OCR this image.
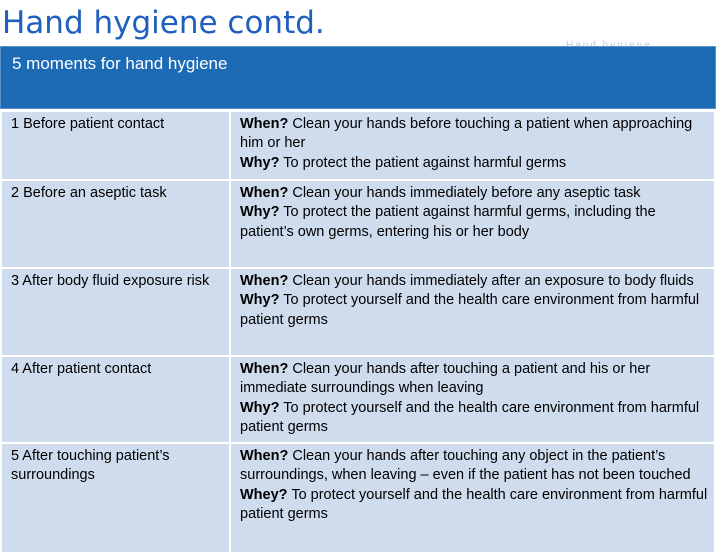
Hand hygiene contd.
5 moments for hand hygiene
1 Before patient contact	When? Clean your hands before touching a patient when approaching him or her
Why? To protect the patient against harmful germs

2 Before an aseptic task	When? Clean your hands immediately before any aseptic task
Why? To protect the patient against harmful germs, including the patient’s own germs, entering his or her body

3 After body fluid exposure risk	When? Clean your hands immediately after an exposure to body fluids
Why? To protect yourself and the health care environment from harmful patient germs

4 After patient contact	When? Clean your hands after touching a patient and his or her immediate surroundings when leaving
Why? To protect yourself and the health care environment from harmful patient germs

5 After touching patient’s surroundings	When? Clean your hands after touching any object in the patient’s surroundings, when leaving – even if the patient has not been touched
Whey? To protect yourself and the health care environment from harmful patient germs
